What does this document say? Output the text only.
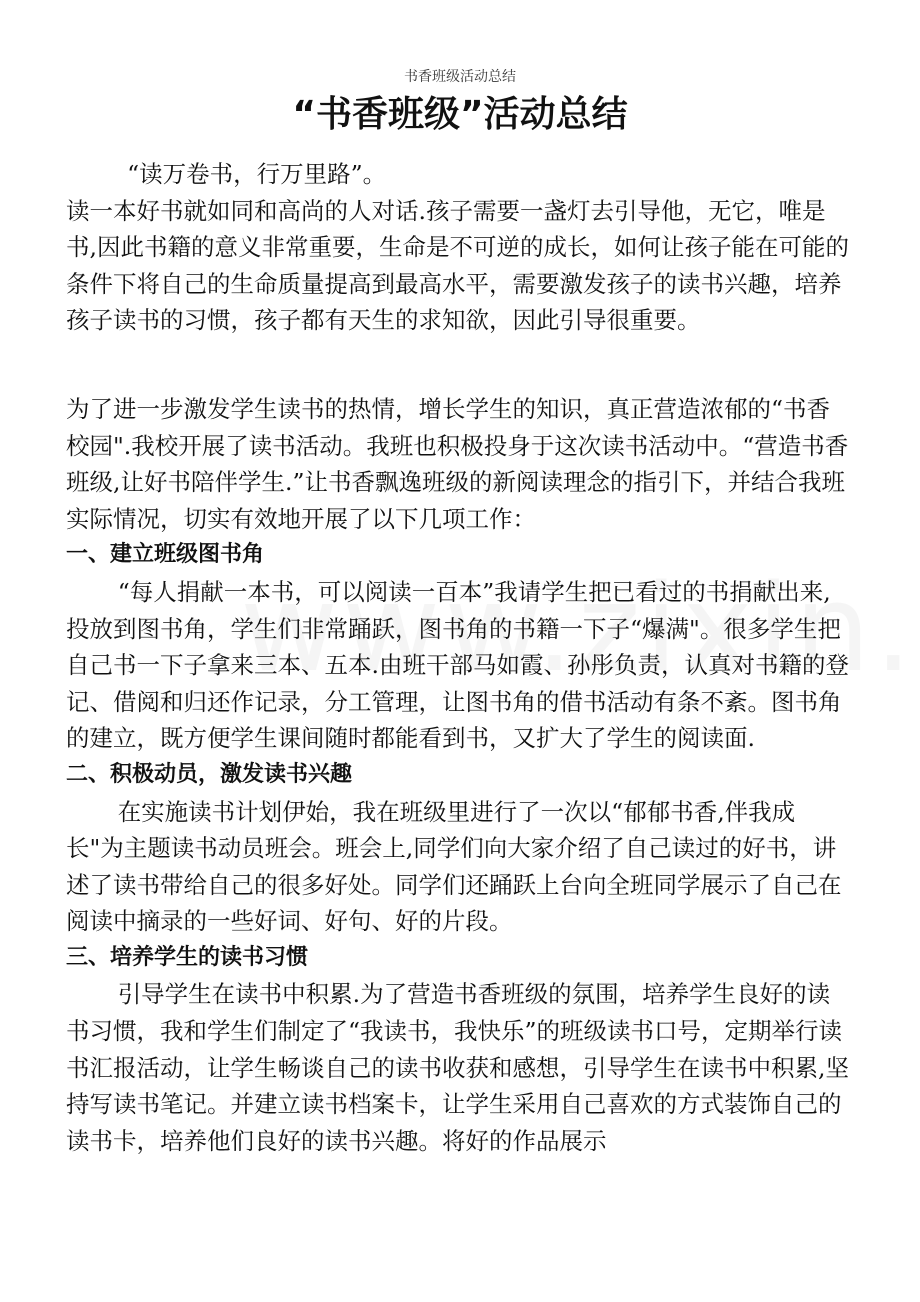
书香班级活动总结
“书香班级”活动总结

“读万卷书，行万里路”。

读一本好书就如同和高尚的人对话.孩子需要一盏灯去引导他，无它，唯是书,因此书籍的意义非常重要，生命是不可逆的成长，如何让孩子能在可能的条件下将自己的生命质量提高到最高水平，需要激发孩子的读书兴趣，培养孩子读书的习惯，孩子都有天生的求知欲，因此引导很重要。

为了进一步激发学生读书的热情，增长学生的知识，真正营造浓郁的“书香校园".我校开展了读书活动。我班也积极投身于这次读书活动中。“营造书香班级,让好书陪伴学生.”让书香飘逸班级的新阅读理念的指引下，并结合我班实际情况，切实有效地开展了以下几项工作：

一、建立班级图书角

“每人捐献一本书，可以阅读一百本”我请学生把已看过的书捐献出来,投放到图书角，学生们非常踊跃，图书角的书籍一下子“爆满"。很多学生把自己书一下子拿来三本、五本.由班干部马如霞、孙彤负责，认真对书籍的登记、借阅和归还作记录，分工管理，让图书角的借书活动有条不紊。图书角的建立，既方便学生课间随时都能看到书，又扩大了学生的阅读面.

二、积极动员，激发读书兴趣

在实施读书计划伊始，我在班级里进行了一次以“郁郁书香,伴我成长"为主题读书动员班会。班会上,同学们向大家介绍了自己读过的好书，讲述了读书带给自己的很多好处。同学们还踊跃上台向全班同学展示了自己在阅读中摘录的一些好词、好句、好的片段。

三、培养学生的读书习惯

引导学生在读书中积累.为了营造书香班级的氛围，培养学生良好的读书习惯，我和学生们制定了“我读书，我快乐”的班级读书口号，定期举行读书汇报活动，让学生畅谈自己的读书收获和感想，引导学生在读书中积累,坚持写读书笔记。并建立读书档案卡，让学生采用自己喜欢的方式装饰自己的读书卡，培养他们良好的读书兴趣。将好的作品展示
